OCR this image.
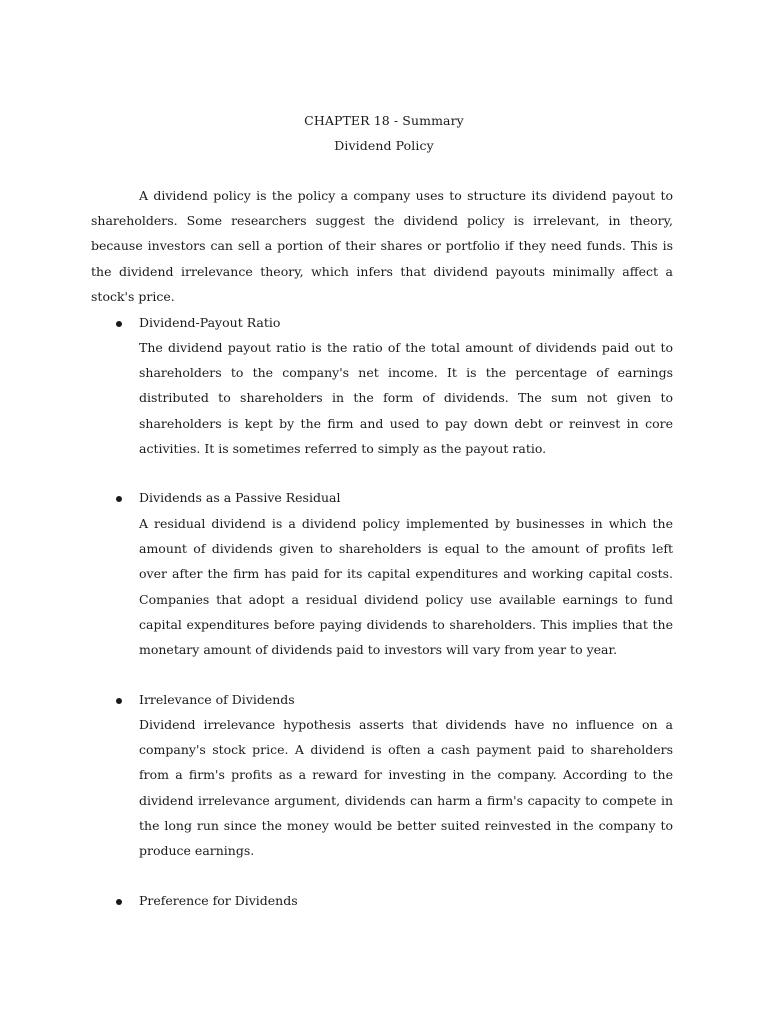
CHAPTER 18 - Summary
Dividend Policy
A dividend policy is the policy a company uses to structure its dividend payout to shareholders. Some researchers suggest the dividend policy is irrelevant, in theory, because investors can sell a portion of their shares or portfolio if they need funds. This is the dividend irrelevance theory, which infers that dividend payouts minimally affect a stock's price.
Dividend-Payout Ratio
The dividend payout ratio is the ratio of the total amount of dividends paid out to shareholders to the company's net income. It is the percentage of earnings distributed to shareholders in the form of dividends. The sum not given to shareholders is kept by the firm and used to pay down debt or reinvest in core activities. It is sometimes referred to simply as the payout ratio.
Dividends as a Passive Residual
A residual dividend is a dividend policy implemented by businesses in which the amount of dividends given to shareholders is equal to the amount of profits left over after the firm has paid for its capital expenditures and working capital costs. Companies that adopt a residual dividend policy use available earnings to fund capital expenditures before paying dividends to shareholders. This implies that the monetary amount of dividends paid to investors will vary from year to year.
Irrelevance of Dividends
Dividend irrelevance hypothesis asserts that dividends have no influence on a company's stock price. A dividend is often a cash payment paid to shareholders from a firm's profits as a reward for investing in the company. According to the dividend irrelevance argument, dividends can harm a firm's capacity to compete in the long run since the money would be better suited reinvested in the company to produce earnings.
Preference for Dividends
